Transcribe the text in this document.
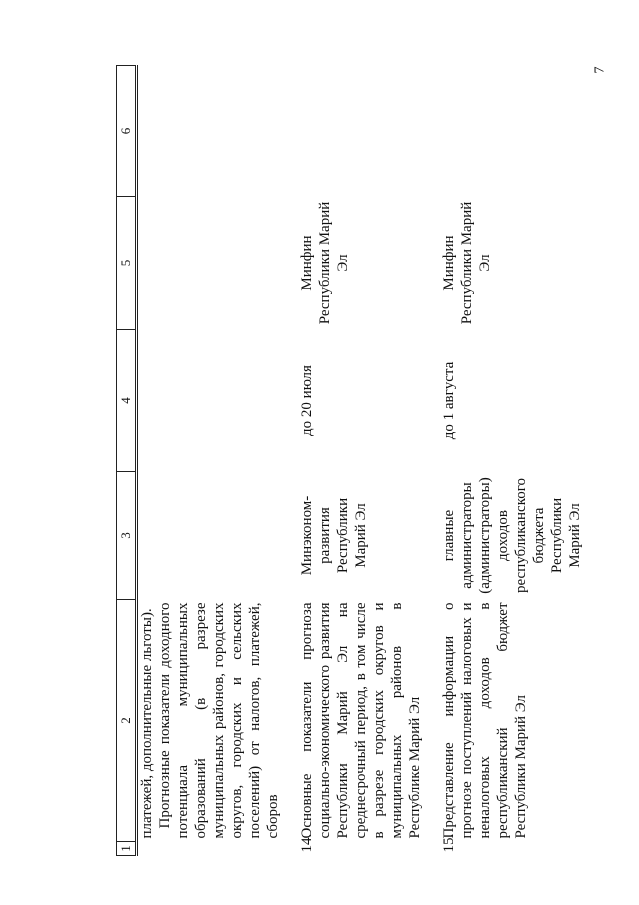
7
1	2	3	4	5	6

	платежей, дополнительные льготы). Прогнозные показатели доходного потенциала муниципальных образований (в разрезе муниципальных районов, городских округов, городских и сельских поселений) от налогов, платежей, сборов				

14.	Основные показатели прогноза социально-экономического развития Республики Марий Эл на среднесрочный период, в том числе в разрезе городских округов и муниципальных районов в Республике Марий Эл	Минэконом-развития Республики Марий Эл	до 20 июля	Минфин Республики Марий Эл	
15.	Представление информации о прогнозе поступлений налоговых и неналоговых доходов в республиканский бюджет Республики Марий Эл	главные администраторы (администраторы) доходов республиканского бюджета Республики Марий Эл	до 1 августа	Минфин Республики Марий Эл	
